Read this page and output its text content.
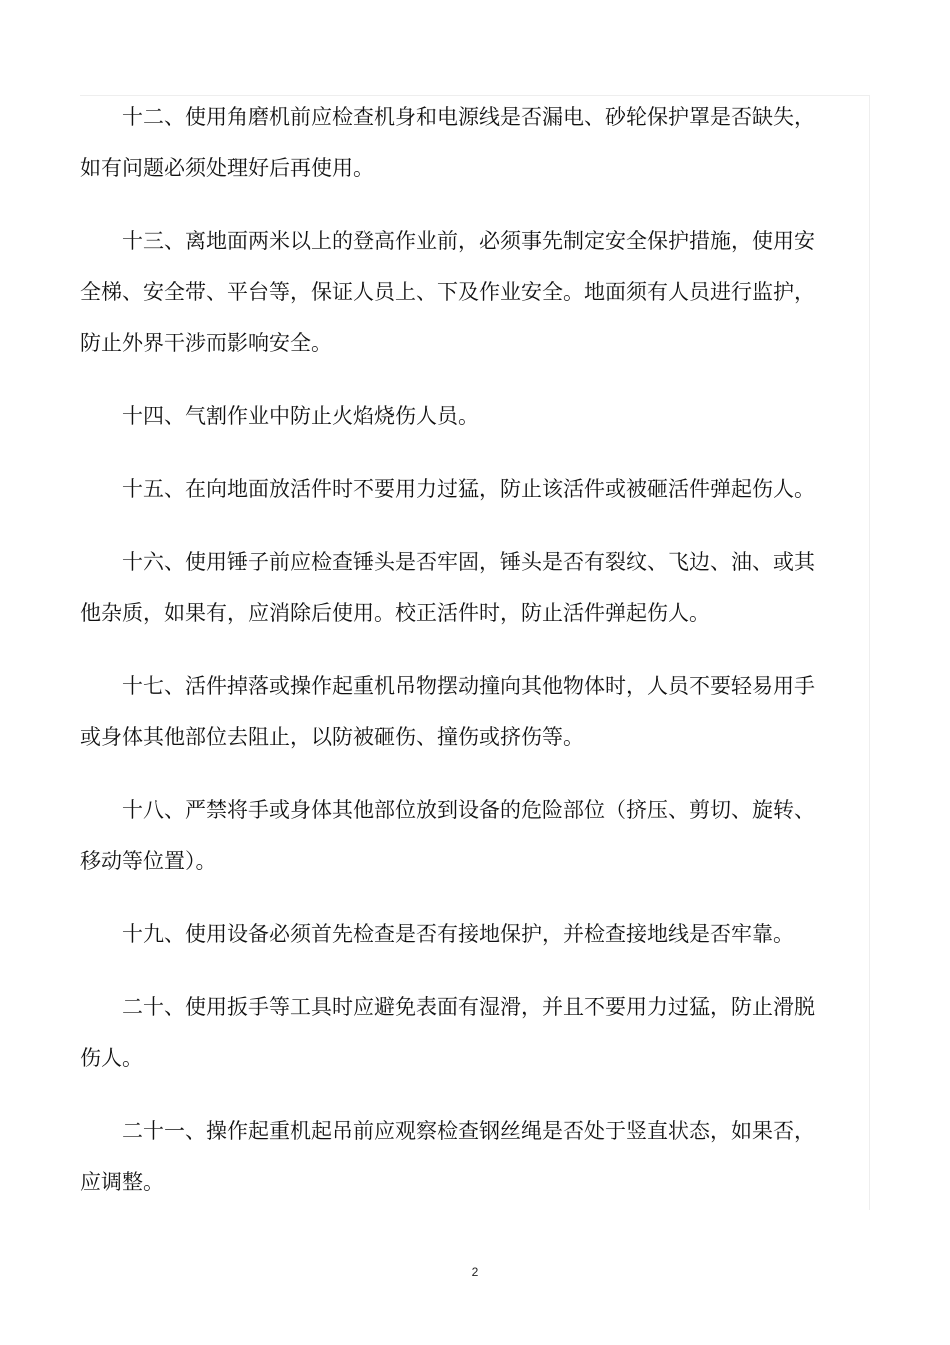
十二、使用角磨机前应检查机身和电源线是否漏电、砂轮保护罩是否缺失，如有问题必须处理好后再使用。

十三、离地面两米以上的登高作业前，必须事先制定安全保护措施，使用安全梯、安全带、平台等，保证人员上、下及作业安全。地面须有人员进行监护，防止外界干涉而影响安全。

十四、气割作业中防止火焰烧伤人员。

十五、在向地面放活件时不要用力过猛，防止该活件或被砸活件弹起伤人。

十六、使用锤子前应检查锤头是否牢固，锤头是否有裂纹、飞边、油、或其他杂质，如果有，应消除后使用。校正活件时，防止活件弹起伤人。

十七、活件掉落或操作起重机吊物摆动撞向其他物体时，人员不要轻易用手或身体其他部位去阻止，以防被砸伤、撞伤或挤伤等。

十八、严禁将手或身体其他部位放到设备的危险部位（挤压、剪切、旋转、移动等位置）。

十九、使用设备必须首先检查是否有接地保护，并检查接地线是否牢靠。

二十、使用扳手等工具时应避免表面有湿滑，并且不要用力过猛，防止滑脱伤人。

二十一、操作起重机起吊前应观察检查钢丝绳是否处于竖直状态，如果否，应调整。

2
